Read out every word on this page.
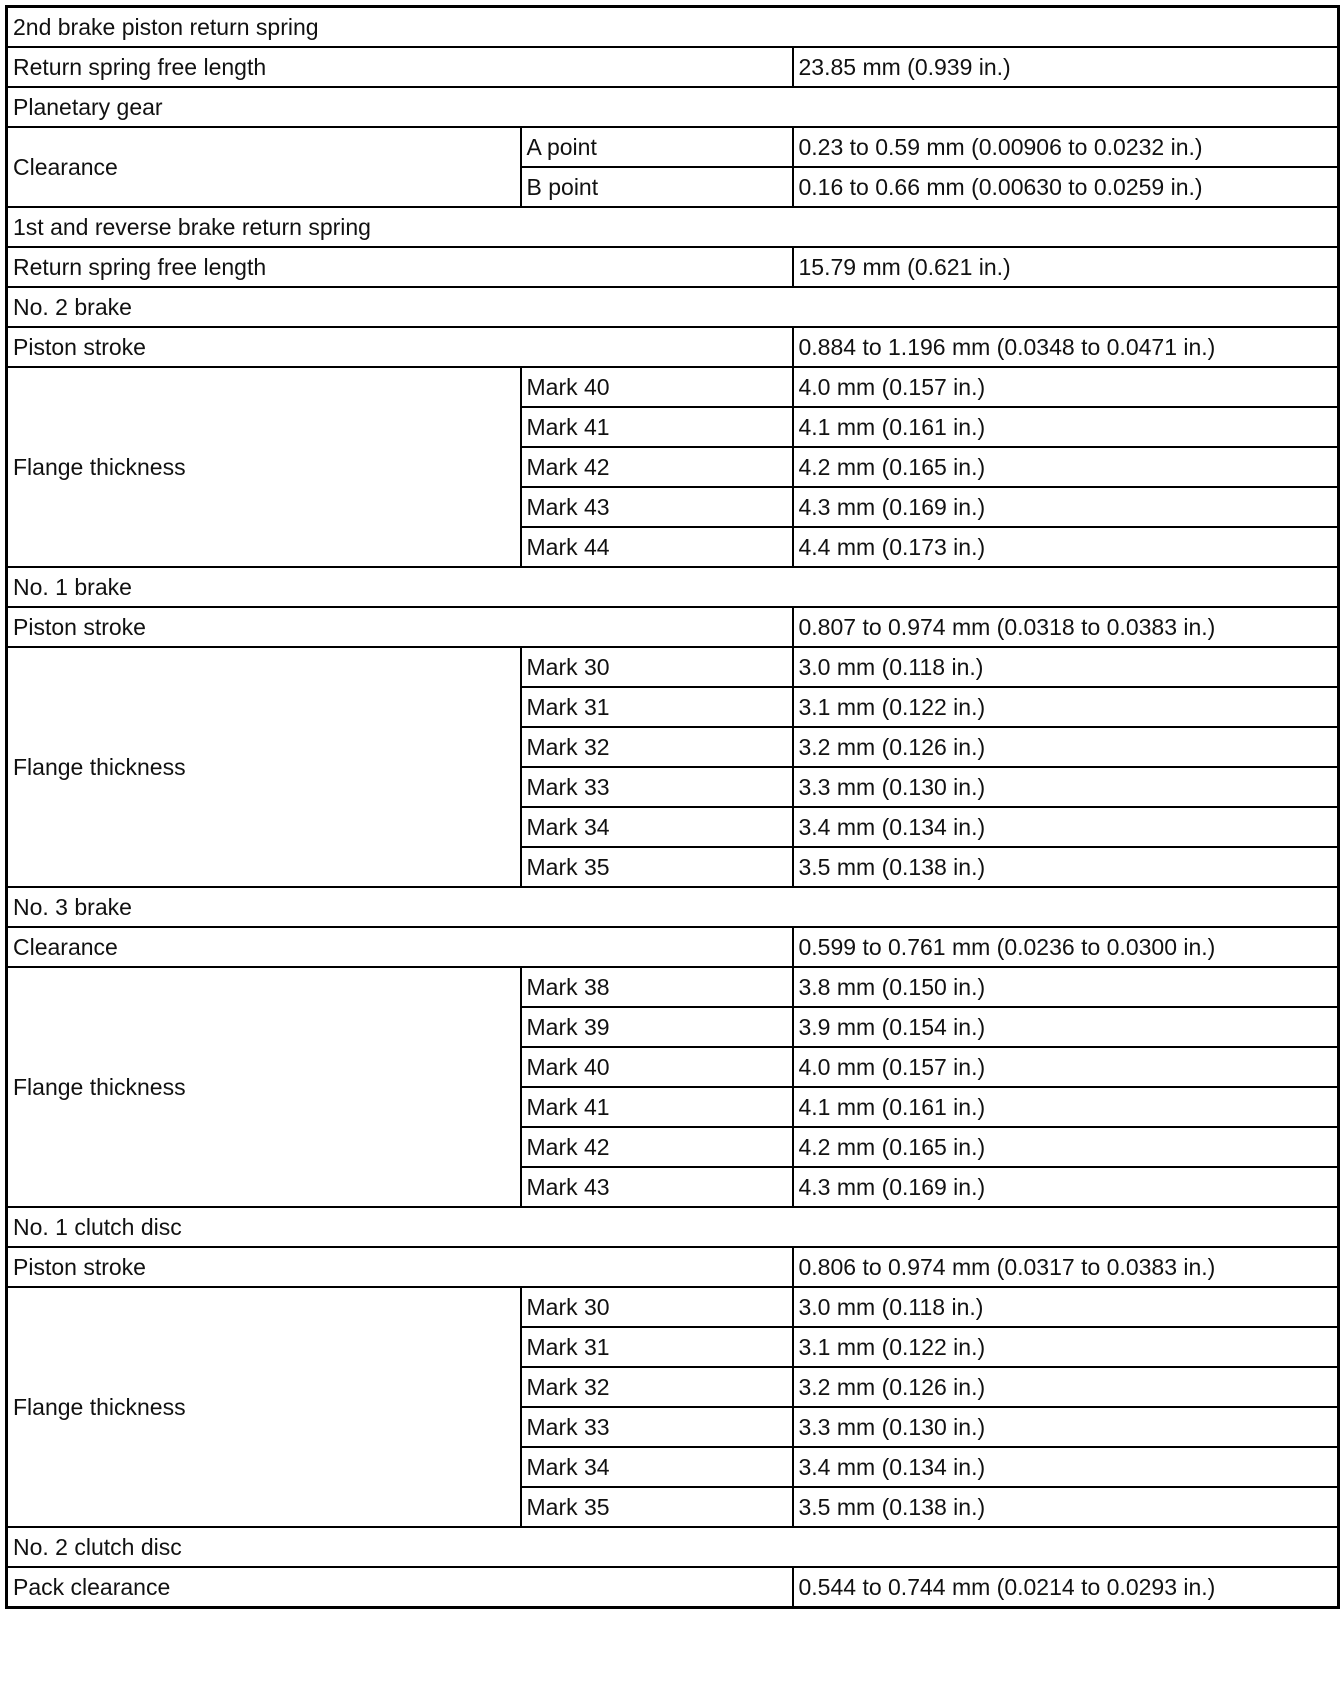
2nd brake piston return spring		
Return spring free length		23.85 mm (0.939 in.)
Planetary gear		
Clearance	A point	0.23 to 0.59 mm (0.00906 to 0.0232 in.)
	B point	0.16 to 0.66 mm (0.00630 to 0.0259 in.)
1st and reverse brake return spring		
Return spring free length		15.79 mm (0.621 in.)
No. 2 brake		
Piston stroke		0.884 to 1.196 mm (0.0348 to 0.0471 in.)
Flange thickness	Mark 40	4.0 mm (0.157 in.)
	Mark 41	4.1 mm (0.161 in.)
	Mark 42	4.2 mm (0.165 in.)
	Mark 43	4.3 mm (0.169 in.)
	Mark 44	4.4 mm (0.173 in.)
No. 1 brake		
Piston stroke		0.807 to 0.974 mm (0.0318 to 0.0383 in.)
Flange thickness	Mark 30	3.0 mm (0.118 in.)
	Mark 31	3.1 mm (0.122 in.)
	Mark 32	3.2 mm (0.126 in.)
	Mark 33	3.3 mm (0.130 in.)
	Mark 34	3.4 mm (0.134 in.)
	Mark 35	3.5 mm (0.138 in.)
No. 3 brake		
Clearance		0.599 to 0.761 mm (0.0236 to 0.0300 in.)
Flange thickness	Mark 38	3.8 mm (0.150 in.)
	Mark 39	3.9 mm (0.154 in.)
	Mark 40	4.0 mm (0.157 in.)
	Mark 41	4.1 mm (0.161 in.)
	Mark 42	4.2 mm (0.165 in.)
	Mark 43	4.3 mm (0.169 in.)
No. 1 clutch disc		
Piston stroke		0.806 to 0.974 mm (0.0317 to 0.0383 in.)
Flange thickness	Mark 30	3.0 mm (0.118 in.)
	Mark 31	3.1 mm (0.122 in.)
	Mark 32	3.2 mm (0.126 in.)
	Mark 33	3.3 mm (0.130 in.)
	Mark 34	3.4 mm (0.134 in.)
	Mark 35	3.5 mm (0.138 in.)
No. 2 clutch disc		
Pack clearance		0.544 to 0.744 mm (0.0214 to 0.0293 in.)
